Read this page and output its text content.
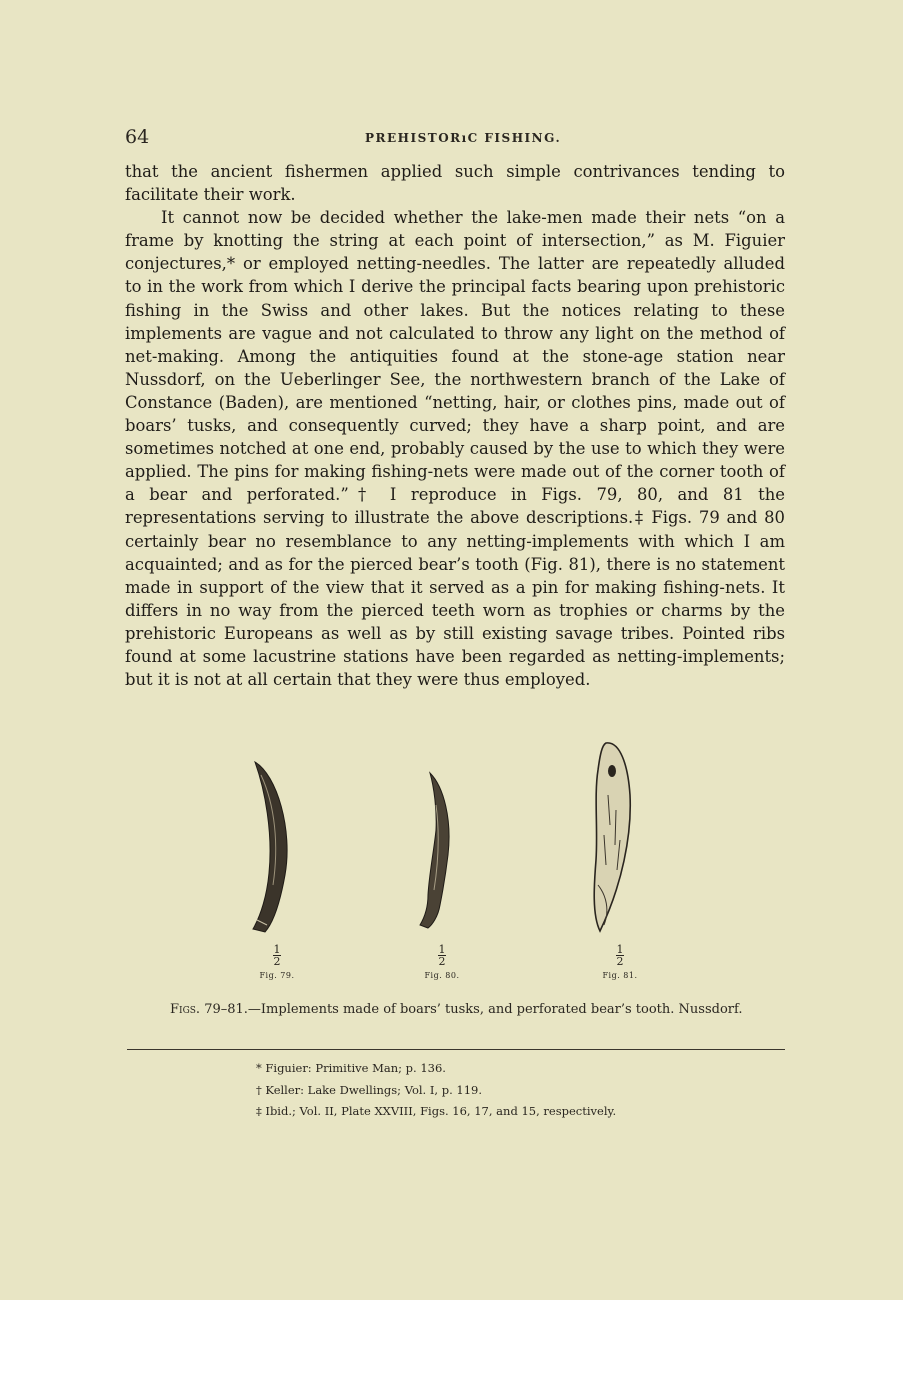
64	PREHISTORıC FISHING.

that the ancient fishermen applied such simple contrivances tending to facilitate their work.

It cannot now be decided whether the lake-men made their nets “on a frame by knotting the string at each point of intersection,” as M. Figuier conjectures,* or employed netting-needles. The latter are repeatedly alluded to in the work from which I derive the principal facts bearing upon prehistoric fishing in the Swiss and other lakes. But the notices relating to these implements are vague and not calculated to throw any light on the method of net-making. Among the antiquities found at the stone-age station near Nussdorf, on the Ueberlinger See, the northwestern branch of the Lake of Constance (Baden), are mentioned “netting, hair, or clothes pins, made out of boars’ tusks, and consequently curved; they have a sharp point, and are sometimes notched at one end, probably caused by the use to which they were applied. The pins for making fishing-nets were made out of the corner tooth of a bear and perforated.”† I reproduce in Figs. 79, 80, and 81 the representations serving to illustrate the above descriptions.‡ Figs. 79 and 80 certainly bear no resemblance to any netting-implements with which I am acquainted; and as for the pierced bear’s tooth (Fig. 81), there is no statement made in support of the view that it served as a pin for making fishing-nets. It differs in no way from the pierced teeth worn as trophies or charms by the prehistoric Europeans as well as by still existing savage tribes. Pointed ribs found at some lacustrine stations have been regarded as netting-implements; but it is not at all certain that they were thus employed.

1
2
Fig. 79.
1
2
Fig. 80.
1
2
Fig. 81.
Figs. 79–81.—Implements made of boars’ tusks, and perforated bear’s tooth. Nussdorf.
* Figuier: Primitive Man; p. 136.
† Keller: Lake Dwellings; Vol. I, p. 119.
‡ Ibid.; Vol. II, Plate XXVIII, Figs. 16, 17, and 15, respectively.
